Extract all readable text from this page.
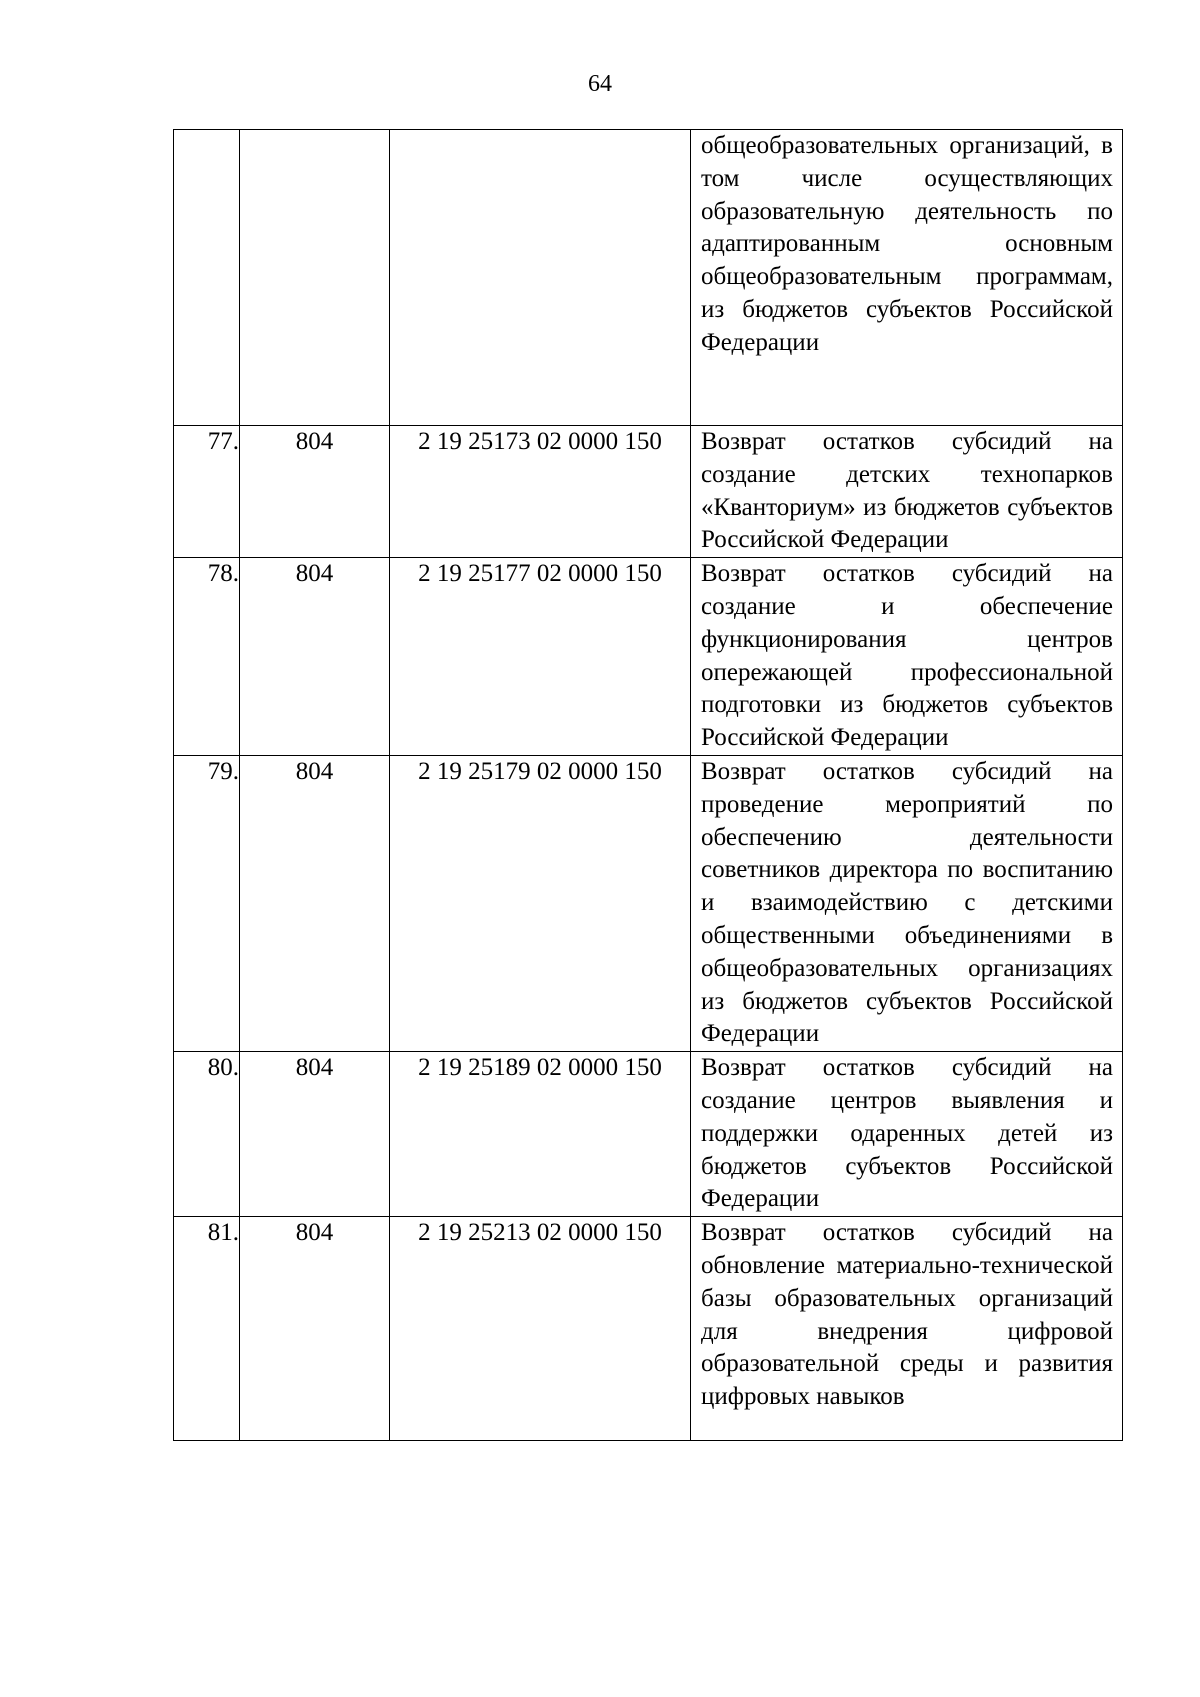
64
			общеобразовательных организаций, в том числе осуществляющих образовательную деятельность по адаптированным основным общеобразовательным программам, из бюджетов субъектов Российской Федерации
77.	804	2 19 25173 02 0000 150	Возврат остатков субсидий на создание детских технопарков «Кванториум» из бюджетов субъектов Российской Федерации
78.	804	2 19 25177 02 0000 150	Возврат остатков субсидий на создание и обеспечение функционирования центров опережающей профессиональной подготовки из бюджетов субъектов Российской Федерации
79.	804	2 19 25179 02 0000 150	Возврат остатков субсидий на проведение мероприятий по обеспечению деятельности советников директора по воспитанию и взаимодействию с детскими общественными объединениями в общеобразовательных организациях из бюджетов субъектов Российской Федерации
80.	804	2 19 25189 02 0000 150	Возврат остатков субсидий на создание центров выявления и поддержки одаренных детей из бюджетов субъектов Российской Федерации
81.	804	2 19 25213 02 0000 150	Возврат остатков субсидий на обновление материально-технической базы образовательных организаций для внедрения цифровой образовательной среды и развития цифровых навыков
